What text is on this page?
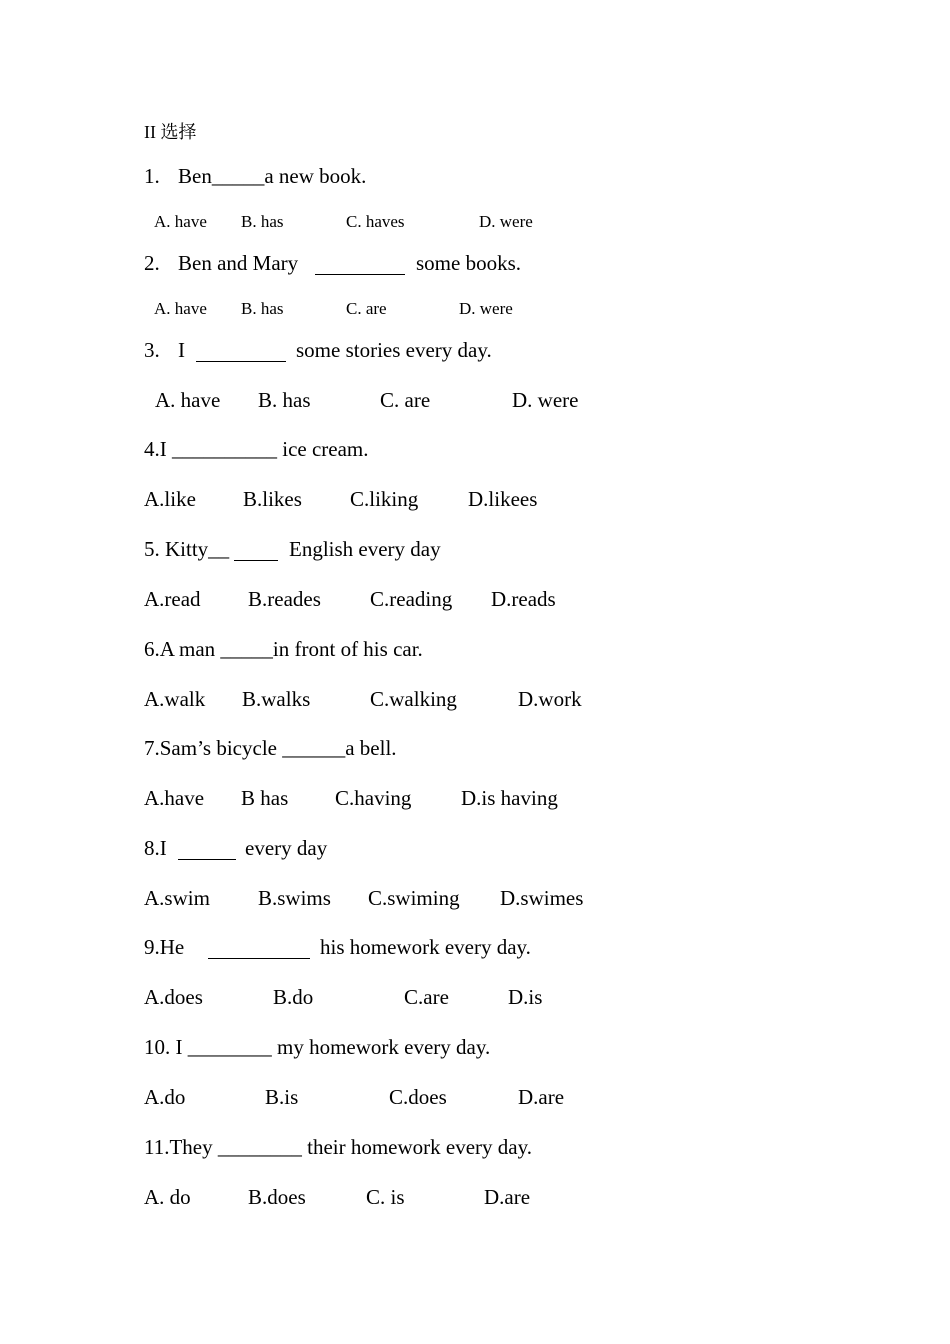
II 选择
1. Ben_____a new book.
A. have B. has	C. haves	D. were
2. Ben and Mary	some books.
A. have B. has	C. are	D. were
3. I	some stories every day.
A. have B. has	C. are	D. were
4.I __________ ice cream.
A.like B.likes C.liking D.likees
5. Kitty__	English every day
A.read B.reades C.reading D.reads
6.A man _____in front of his car.
A.walk B.walks	C.walking	D.work
7.Sam’s bicycle ______a bell.
A.have B has C.having D.is having
8.I	every day
A.swim B.swims C.swiming D.swimes
9.He	his homework every day.
A.does	B.do	C.are	D.is
10. I ________ my homework every day.
A.do	B.is	C.does	D.are
11.They ________ their homework every day.
A. do	B.does	C. is	D.are
